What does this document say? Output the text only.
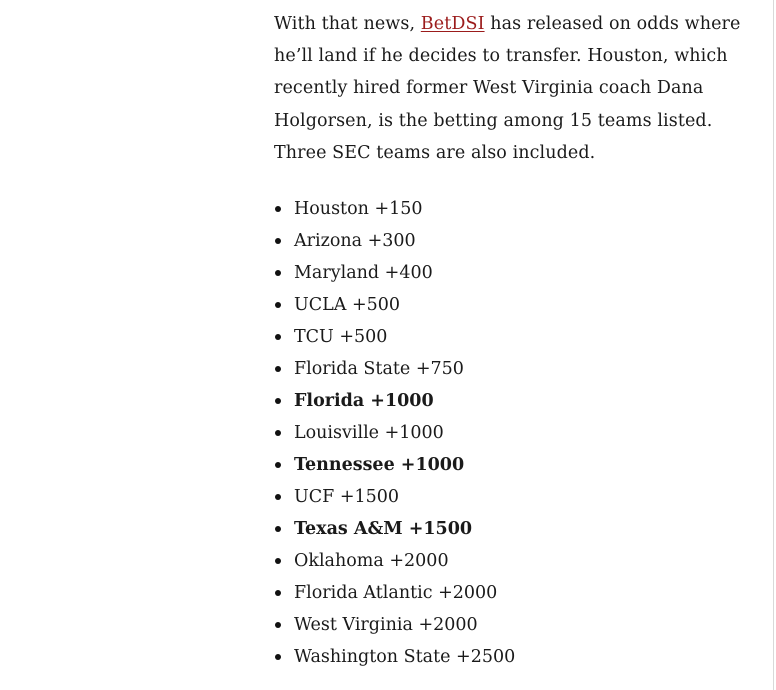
With that news, BetDSI has released on odds where he’ll land if he decides to transfer. Houston, which recently hired former West Virginia coach Dana Holgorsen, is the betting among 15 teams listed. Three SEC teams are also included.

Houston +150
Arizona +300
Maryland +400
UCLA +500
TCU +500
Florida State +750
Florida +1000
Louisville +1000
Tennessee +1000
UCF +1500
Texas A&M +1500
Oklahoma +2000
Florida Atlantic +2000
West Virginia +2000
Washington State +2500
